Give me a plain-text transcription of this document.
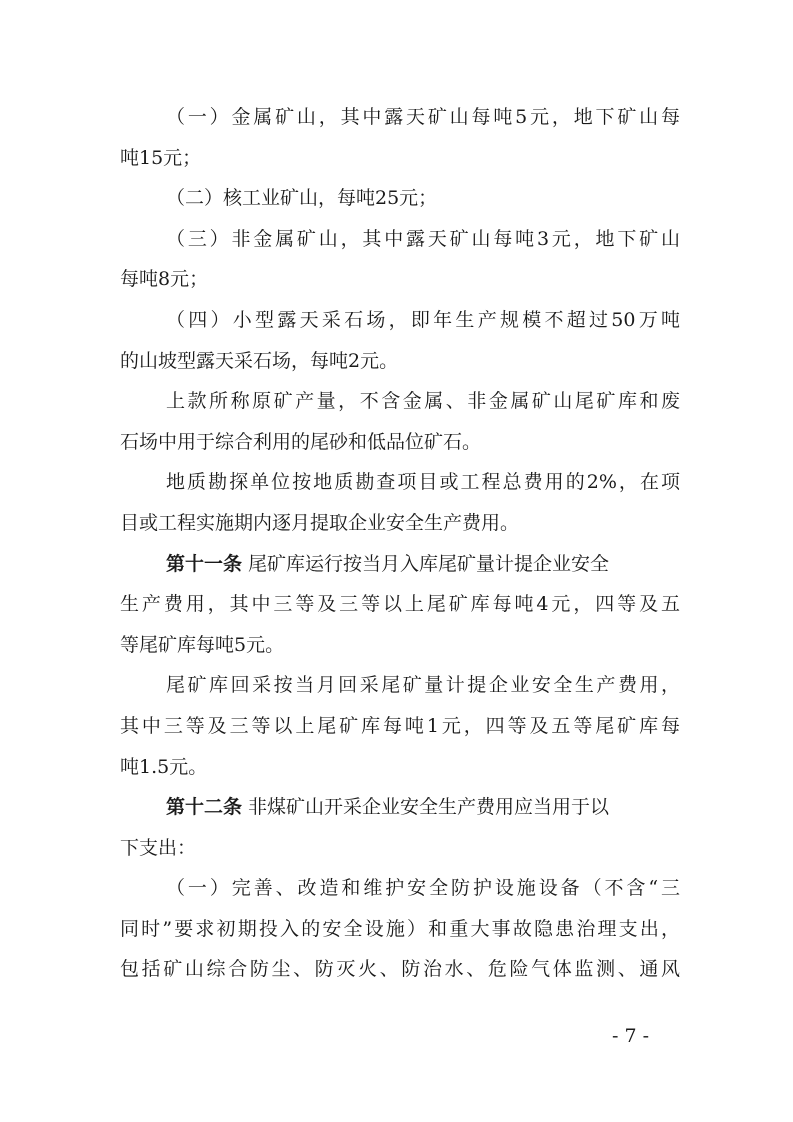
（一）金属矿山，其中露天矿山每吨5元，地下矿山每
吨15元；
（二）核工业矿山，每吨25元；
（三）非金属矿山，其中露天矿山每吨3元，地下矿山
每吨8元；
（四）小型露天采石场，即年生产规模不超过50万吨
的山坡型露天采石场，每吨2元。
上款所称原矿产量，不含金属、非金属矿山尾矿库和废
石场中用于综合利用的尾砂和低品位矿石。
地质勘探单位按地质勘查项目或工程总费用的2%，在项
目或工程实施期内逐月提取企业安全生产费用。
第十一条 尾矿库运行按当月入库尾矿量计提企业安全
生产费用，其中三等及三等以上尾矿库每吨4元，四等及五
等尾矿库每吨5元。
尾矿库回采按当月回采尾矿量计提企业安全生产费用，
其中三等及三等以上尾矿库每吨1元，四等及五等尾矿库每
吨1.5元。
第十二条 非煤矿山开采企业安全生产费用应当用于以
下支出：
（一）完善、改造和维护安全防护设施设备（不含“三
同时”要求初期投入的安全设施）和重大事故隐患治理支出，
包括矿山综合防尘、防灭火、防治水、危险气体监测、通风
- 7 -
